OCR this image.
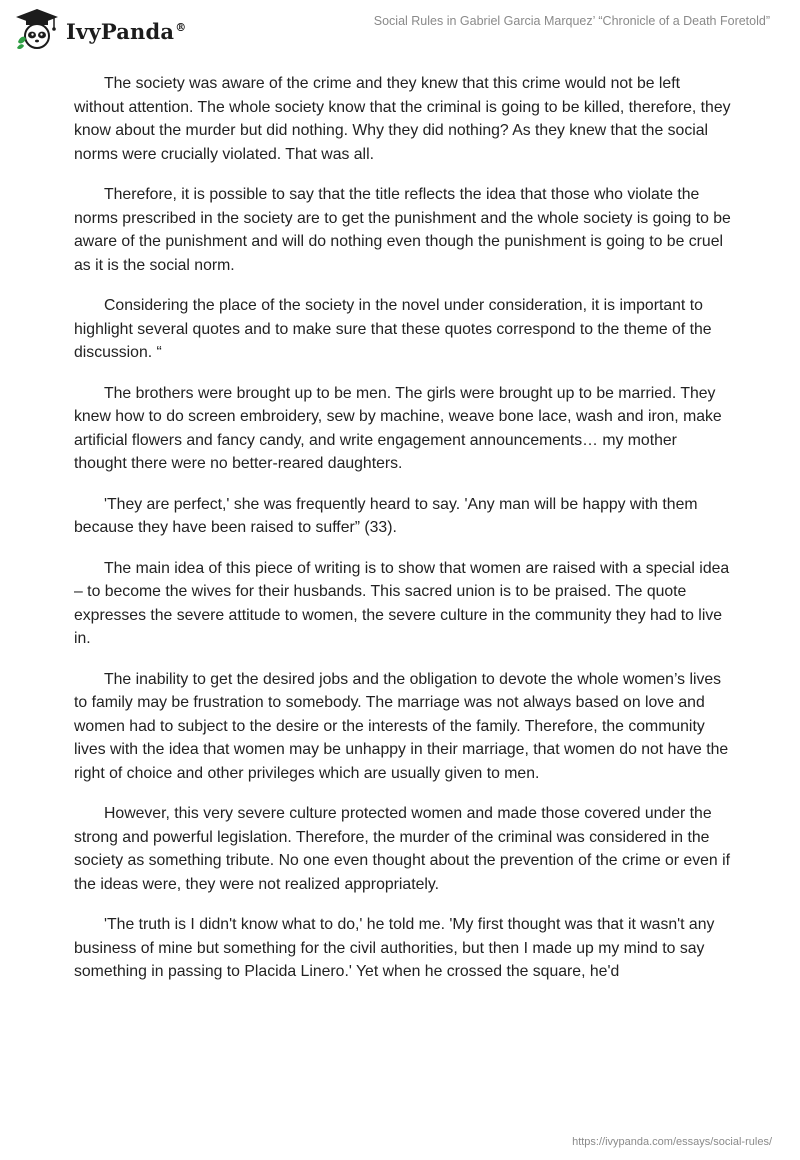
IvyPanda®	Social Rules in Gabriel Garcia Marquez’ “Chronicle of a Death Foretold”

The society was aware of the crime and they knew that this crime would not be left without attention. The whole society know that the criminal is going to be killed, therefore, they know about the murder but did nothing. Why they did nothing? As they knew that the social norms were crucially violated. That was all.

Therefore, it is possible to say that the title reflects the idea that those who violate the norms prescribed in the society are to get the punishment and the whole society is going to be aware of the punishment and will do nothing even though the punishment is going to be cruel as it is the social norm.

Considering the place of the society in the novel under consideration, it is important to highlight several quotes and to make sure that these quotes correspond to the theme of the discussion. “

The brothers were brought up to be men. The girls were brought up to be married. They knew how to do screen embroidery, sew by machine, weave bone lace, wash and iron, make artificial flowers and fancy candy, and write engagement announcements… my mother thought there were no better-reared daughters.

'They are perfect,' she was frequently heard to say. 'Any man will be happy with them because they have been raised to suffer” (33).

The main idea of this piece of writing is to show that women are raised with a special idea – to become the wives for their husbands. This sacred union is to be praised. The quote expresses the severe attitude to women, the severe culture in the community they had to live in.

The inability to get the desired jobs and the obligation to devote the whole women’s lives to family may be frustration to somebody. The marriage was not always based on love and women had to subject to the desire or the interests of the family. Therefore, the community lives with the idea that women may be unhappy in their marriage, that women do not have the right of choice and other privileges which are usually given to men.

However, this very severe culture protected women and made those covered under the strong and powerful legislation. Therefore, the murder of the criminal was considered in the society as something tribute. No one even thought about the prevention of the crime or even if the ideas were, they were not realized appropriately.

'The truth is I didn't know what to do,' he told me. 'My first thought was that it wasn't any business of mine but something for the civil authorities, but then I made up my mind to say something in passing to Placida Linero.' Yet when he crossed the square, he'd

https://ivypanda.com/essays/social-rules/
